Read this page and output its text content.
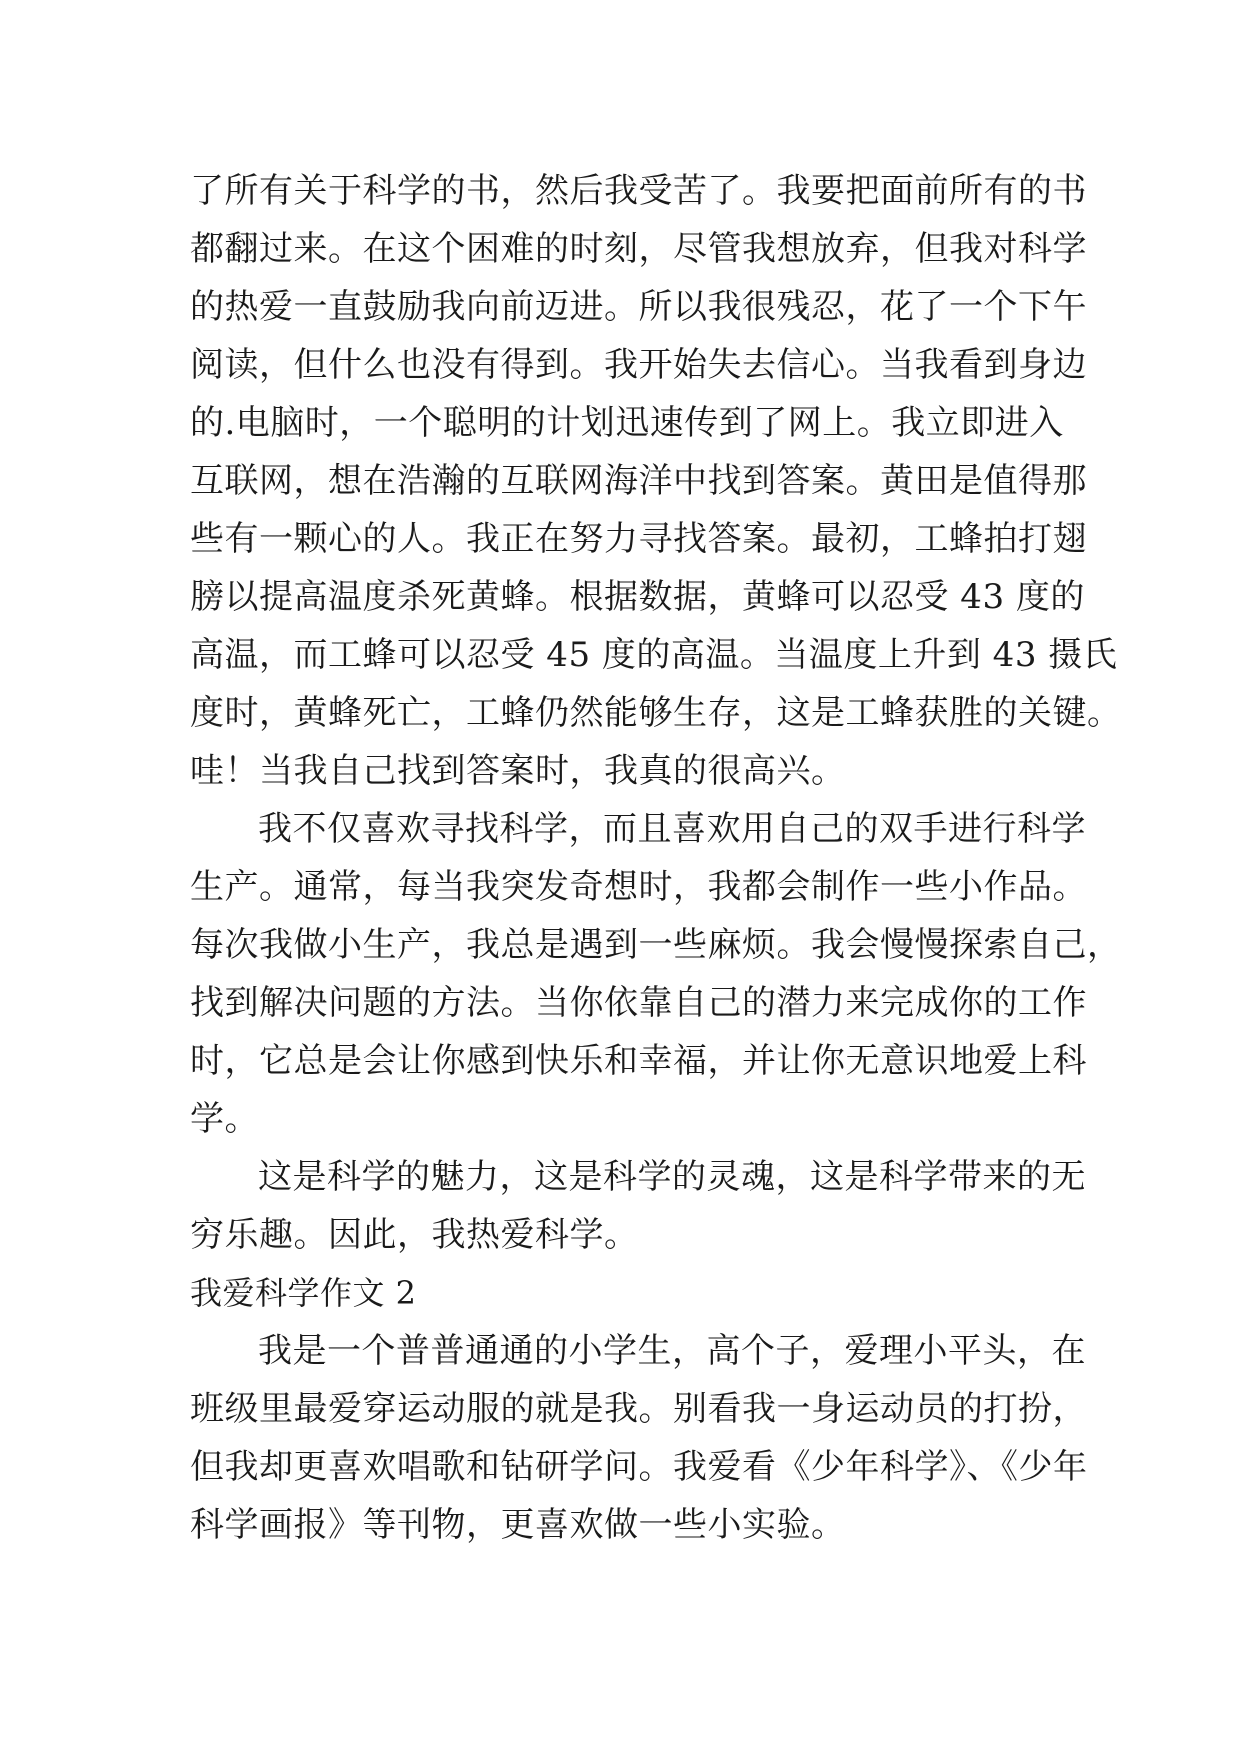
了所有关于科学的书，然后我受苦了。我要把面前所有的书
都翻过来。在这个困难的时刻，尽管我想放弃，但我对科学
的热爱一直鼓励我向前迈进。所以我很残忍，花了一个下午
阅读，但什么也没有得到。我开始失去信心。当我看到身边
的.电脑时，一个聪明的计划迅速传到了网上。我立即进入
互联网，想在浩瀚的互联网海洋中找到答案。黄田是值得那
些有一颗心的人。我正在努力寻找答案。最初，工蜂拍打翅
膀以提高温度杀死黄蜂。根据数据，黄蜂可以忍受 43 度的
高温，而工蜂可以忍受 45 度的高温。当温度上升到 43 摄氏
度时，黄蜂死亡，工蜂仍然能够生存，这是工蜂获胜的关键。
哇！当我自己找到答案时，我真的很高兴。
我不仅喜欢寻找科学，而且喜欢用自己的双手进行科学
生产。通常，每当我突发奇想时，我都会制作一些小作品。
每次我做小生产，我总是遇到一些麻烦。我会慢慢探索自己，
找到解决问题的方法。当你依靠自己的潜力来完成你的工作
时，它总是会让你感到快乐和幸福，并让你无意识地爱上科
学。
这是科学的魅力，这是科学的灵魂，这是科学带来的无
穷乐趣。因此，我热爱科学。
我爱科学作文 2
我是一个普普通通的小学生，高个子，爱理小平头，在
班级里最爱穿运动服的就是我。别看我一身运动员的打扮，
但我却更喜欢唱歌和钻研学问。我爱看《少年科学》、《少年
科学画报》等刊物，更喜欢做一些小实验。
